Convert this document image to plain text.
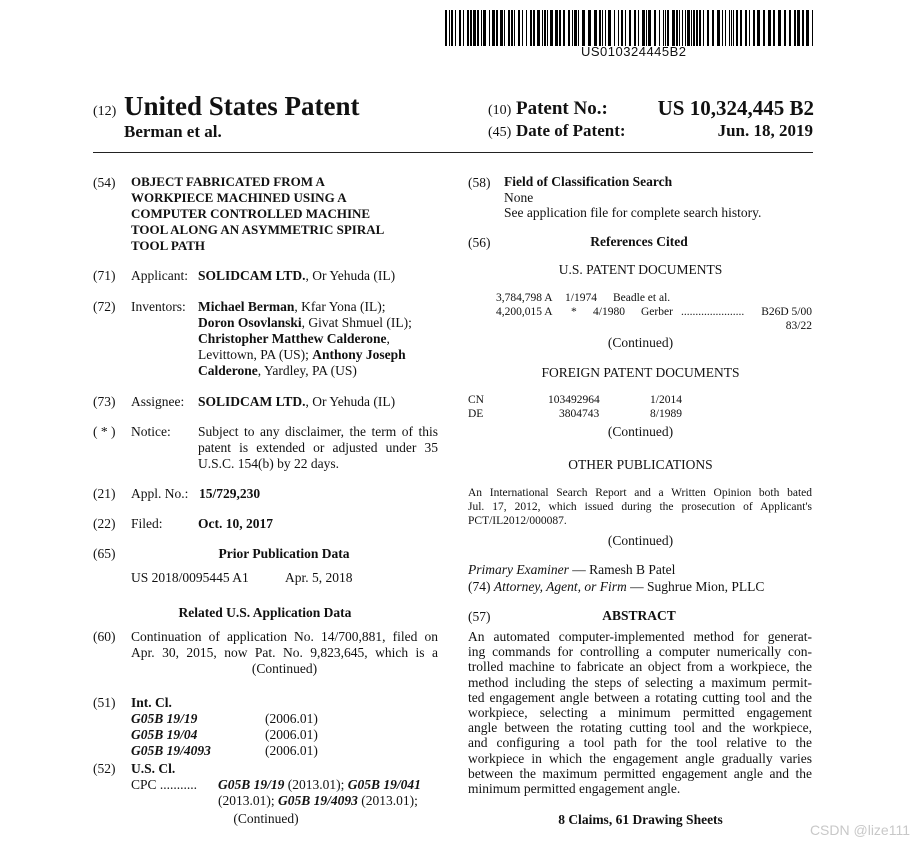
US010324445B2
(12) United States Patent
Berman et al.
(10) Patent No.: US 10,324,445 B2
(45) Date of Patent:	Jun. 18, 2019
(54) OBJECT FABRICATED FROM A
WORKPIECE MACHINED USING A
COMPUTER CONTROLLED MACHINE
TOOL ALONG AN ASYMMETRIC SPIRAL
TOOL PATH
(71) Applicant: SOLIDCAM LTD., Or Yehuda (IL)
(72) Inventors: Michael Berman, Kfar Yona (IL);
Doron Osovlanski, Givat Shmuel (IL);
Christopher Matthew Calderone,
Levittown, PA (US); Anthony Joseph
Calderone, Yardley, PA (US)
(73) Assignee: SOLIDCAM LTD., Or Yehuda (IL)
( * ) Notice: Subject to any disclaimer, the term of this
patent is extended or adjusted under 35
U.S.C. 154(b) by 22 days.
(21) Appl. No.: 15/729,230
(22) Filed:	Oct. 10, 2017
(65)	Prior Publication Data
US 2018/0095445 A1	Apr. 5, 2018
Related U.S. Application Data
(60) Continuation of application No. 14/700,881, filed on
Apr. 30, 2015, now Pat. No. 9,823,645, which is a
(Continued)
(51) Int. Cl.
G05B 19/19	(2006.01)
G05B 19/04	(2006.01)
G05B 19/4093	(2006.01)
(52) U.S. Cl.
CPC ........... G05B 19/19 (2013.01); G05B 19/041
(2013.01); G05B 19/4093 (2013.01);
(Continued)
(58) Field of Classification Search
None
See application file for complete search history.
(56)	References Cited
U.S. PATENT DOCUMENTS
3,784,798 A 1/1974 Beadle et al.
4,200,015 A * 4/1980 Gerber ...................... B26D 5/00
83/22
(Continued)
FOREIGN PATENT DOCUMENTS
CN	103492964	1/2014
DE	3804743	8/1989
(Continued)
OTHER PUBLICATIONS
An International Search Report and a Written Opinion both bated
Jul. 17, 2012, which issued during the prosecution of Applicant's
PCT/IL2012/000087.
(Continued)
Primary Examiner — Ramesh B Patel
(74) Attorney, Agent, or Firm — Sughrue Mion, PLLC
(57)	ABSTRACT
An automated computer-implemented method for generat-
ing commands for controlling a computer numerically con-
trolled machine to fabricate an object from a workpiece, the
method including the steps of selecting a maximum permit-
ted engagement angle between a rotating cutting tool and the
workpiece, selecting a minimum permitted engagement
angle between the rotating cutting tool and the workpiece,
and configuring a tool path for the tool relative to the
workpiece in which the engagement angle gradually varies
between the maximum permitted engagement angle and the
minimum permitted engagement angle.
8 Claims, 61 Drawing Sheets
CSDN @lize111
